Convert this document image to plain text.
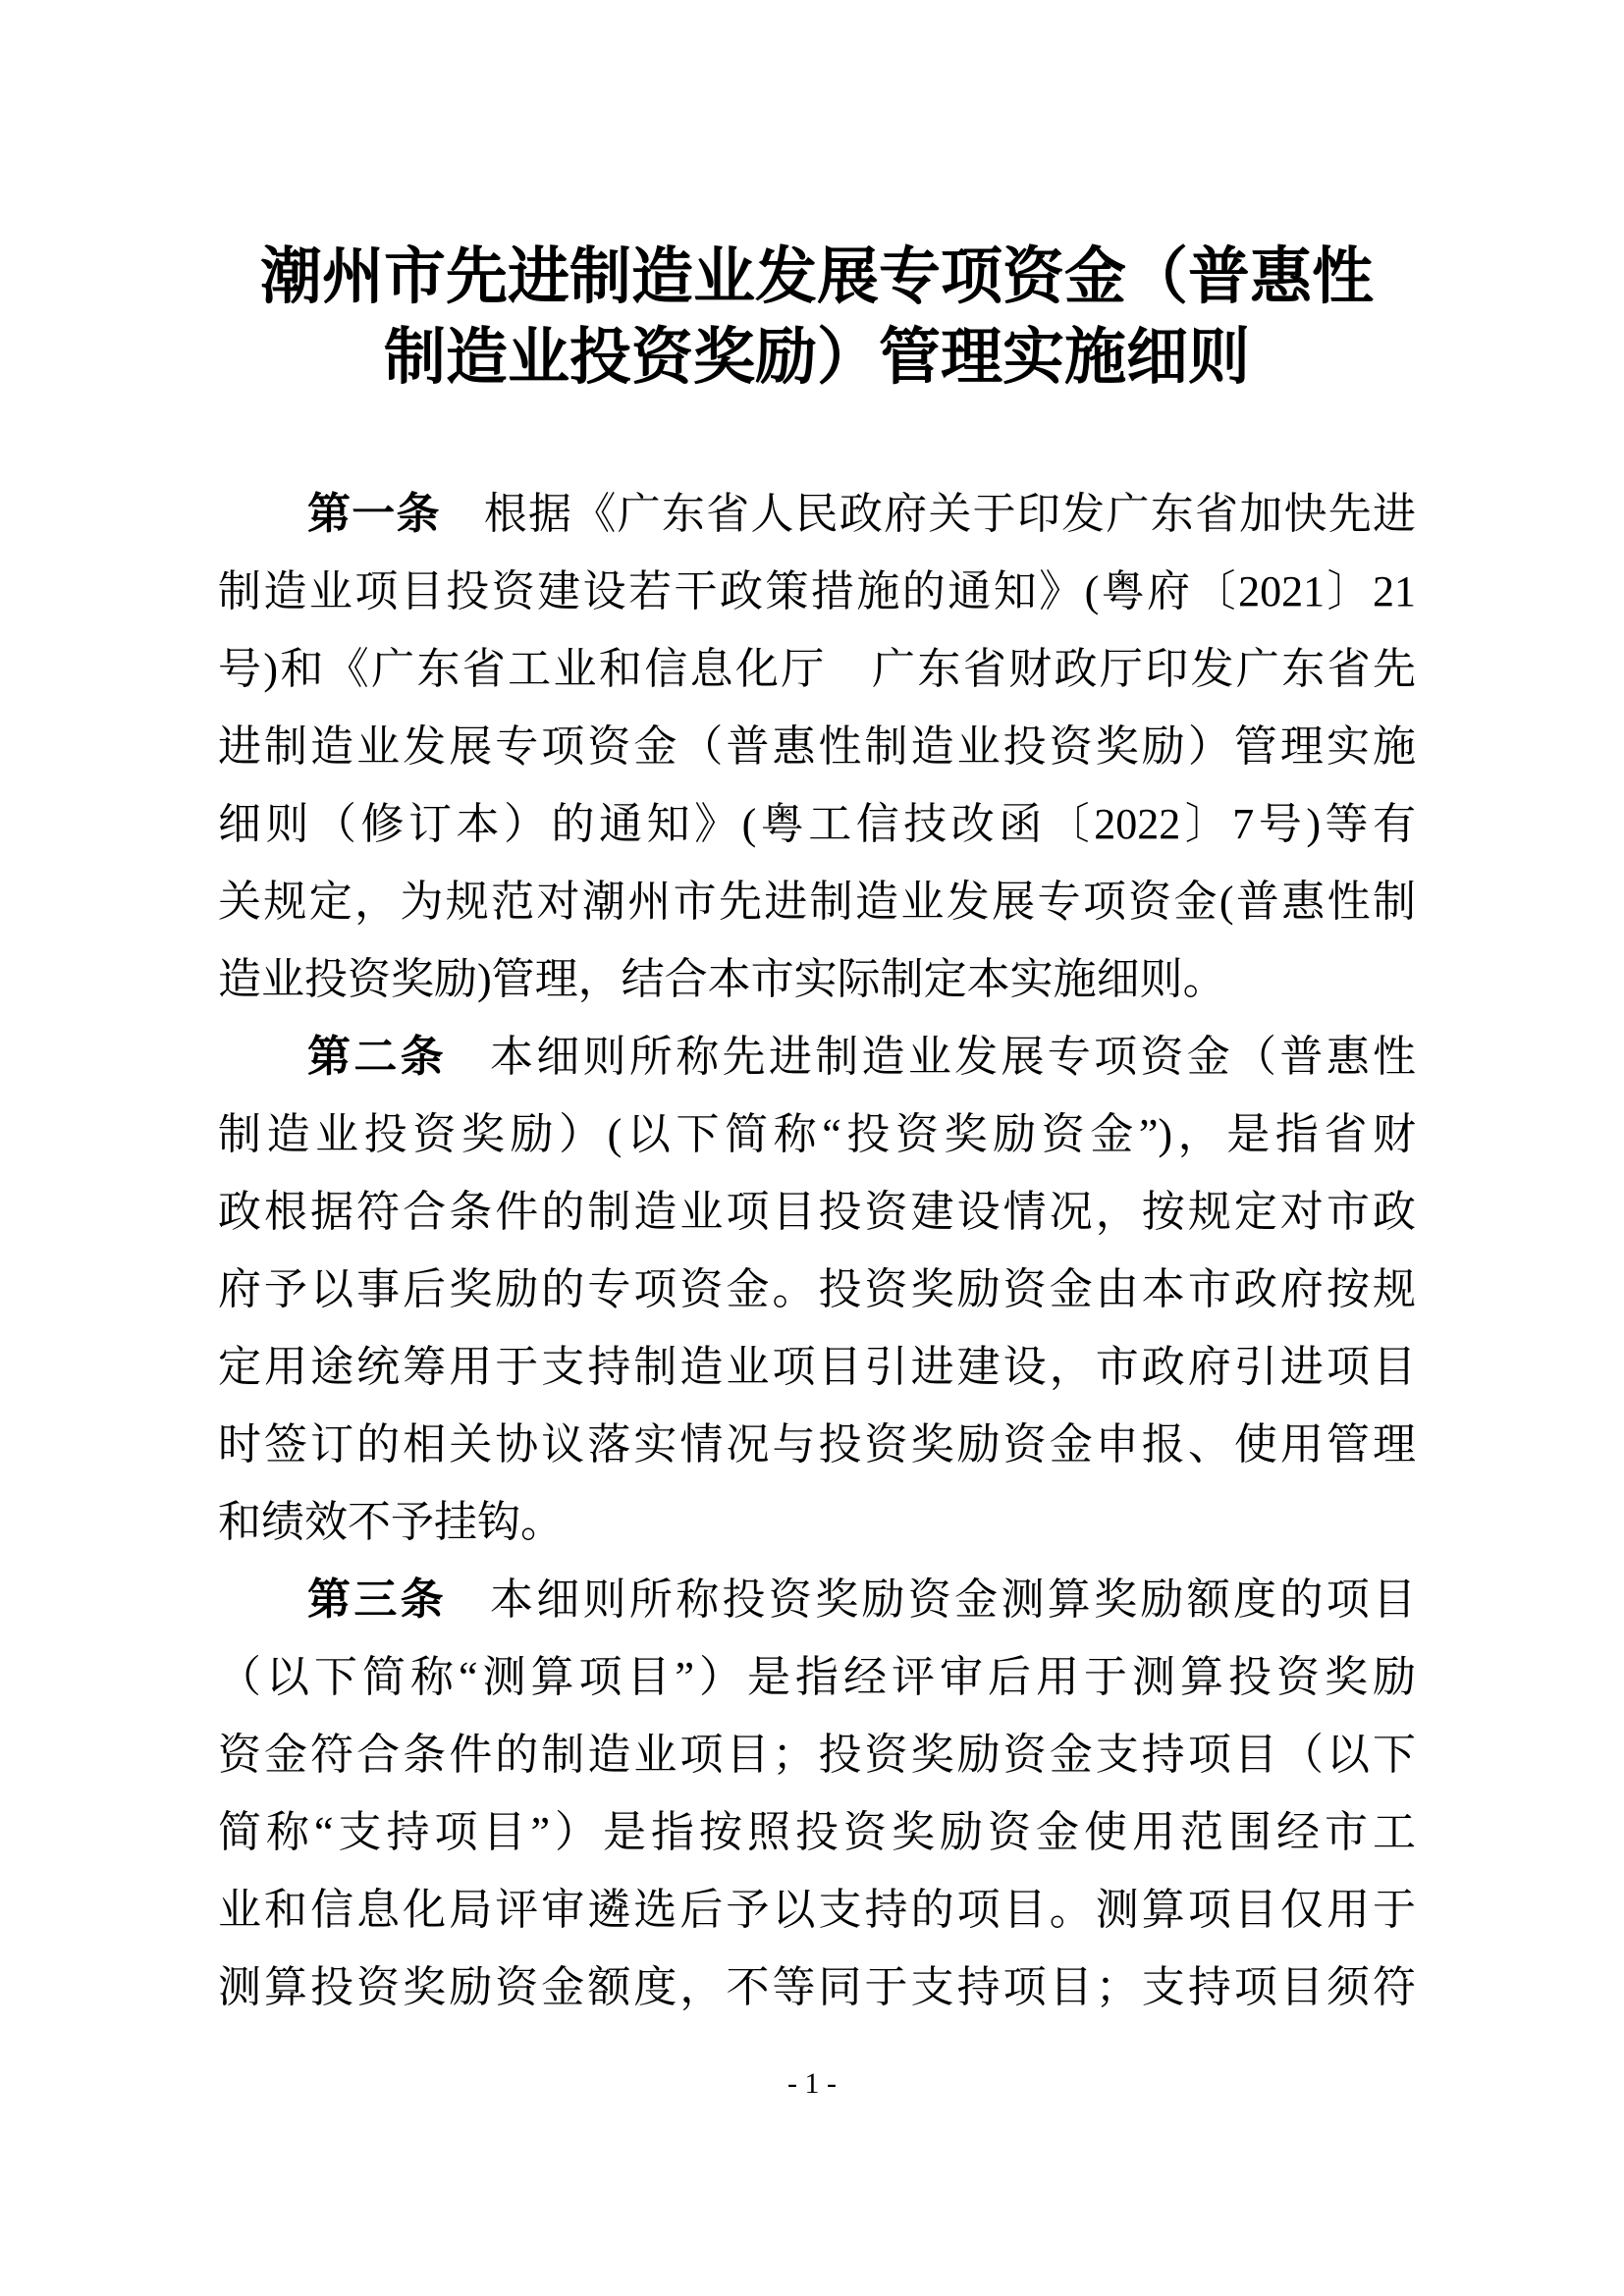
潮州市先进制造业发展专项资金（普惠性
制造业投资奖励）管理实施细则
第一条 根据《广东省人民政府关于印发广东省加快先进
制造业项目投资建设若干政策措施的通知》(粤府〔2021〕21
号)和《广东省工业和信息化厅　广东省财政厅印发广东省先
进制造业发展专项资金（普惠性制造业投资奖励）管理实施
细则（修订本）的通知》(粤工信技改函〔2022〕7号)等有
关规定，为规范对潮州市先进制造业发展专项资金(普惠性制
造业投资奖励)管理，结合本市实际制定本实施细则。
第二条 本细则所称先进制造业发展专项资金（普惠性
制造业投资奖励）(以下简称“投资奖励资金”)，是指省财
政根据符合条件的制造业项目投资建设情况，按规定对市政
府予以事后奖励的专项资金。投资奖励资金由本市政府按规
定用途统筹用于支持制造业项目引进建设，市政府引进项目
时签订的相关协议落实情况与投资奖励资金申报、使用管理
和绩效不予挂钩。
第三条 本细则所称投资奖励资金测算奖励额度的项目
（以下简称“测算项目”）是指经评审后用于测算投资奖励
资金符合条件的制造业项目；投资奖励资金支持项目（以下
简称“支持项目”）是指按照投资奖励资金使用范围经市工
业和信息化局评审遴选后予以支持的项目。测算项目仅用于
测算投资奖励资金额度，不等同于支持项目；支持项目须符
- 1 -
